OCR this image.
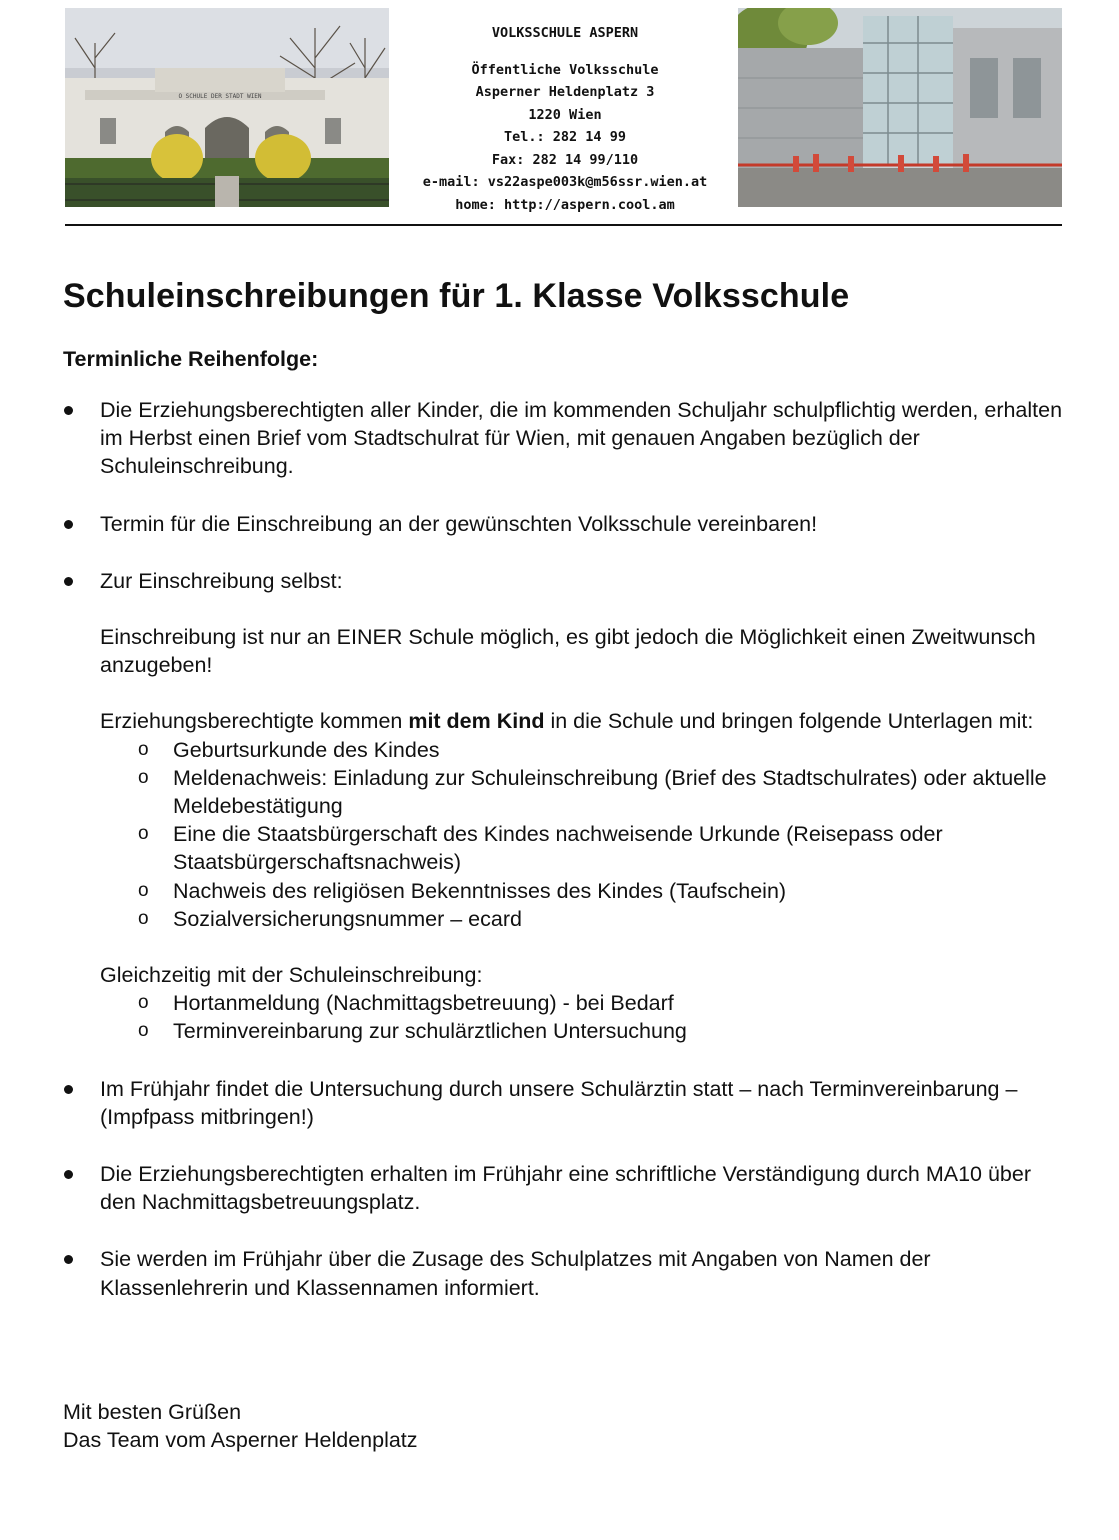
O SCHULE DER STADT WIEN
VOLKSSCHULE ASPERN
Öffentliche Volksschule
Asperner Heldenplatz 3
1220 Wien
Tel.: 282 14 99
Fax: 282 14 99/110
e-mail: vs22aspe003k@m56ssr.wien.at
home: http://aspern.cool.am
Schuleinschreibungen für 1. Klasse Volksschule
Terminliche Reihenfolge:
Die Erziehungsberechtigten aller Kinder, die im kommenden Schuljahr schulpflichtig werden, erhalten im Herbst einen Brief vom Stadtschulrat für Wien, mit genauen Angaben bezüglich der Schuleinschreibung.
Termin für die Einschreibung an der gewünschten Volksschule vereinbaren!
Zur Einschreibung selbst:
Einschreibung ist nur an EINER Schule möglich, es gibt jedoch die Möglichkeit einen Zweitwunsch anzugeben!
Erziehungsberechtigte kommen mit dem Kind in die Schule und bringen folgende Unterlagen mit:
o Geburtsurkunde des Kindes
o Meldenachweis: Einladung zur Schuleinschreibung (Brief des Stadtschulrates) oder aktuelle Meldebestätigung
o Eine die Staatsbürgerschaft des Kindes nachweisende Urkunde (Reisepass oder Staatsbürgerschaftsnachweis)
o Nachweis des religiösen Bekenntnisses des Kindes (Taufschein)
o Sozialversicherungsnummer – ecard
Gleichzeitig mit der Schuleinschreibung:
o Hortanmeldung (Nachmittagsbetreuung) - bei Bedarf
o Terminvereinbarung zur schulärztlichen Untersuchung
Im Frühjahr findet die Untersuchung durch unsere Schulärztin statt – nach Terminvereinbarung – (Impfpass mitbringen!)
Die Erziehungsberechtigten erhalten im Frühjahr eine schriftliche Verständigung durch MA10 über den Nachmittagsbetreuungsplatz.
Sie werden im Frühjahr über die Zusage des Schulplatzes mit Angaben von Namen der Klassenlehrerin und Klassennamen informiert.
Mit besten Grüßen
Das Team vom Asperner Heldenplatz
